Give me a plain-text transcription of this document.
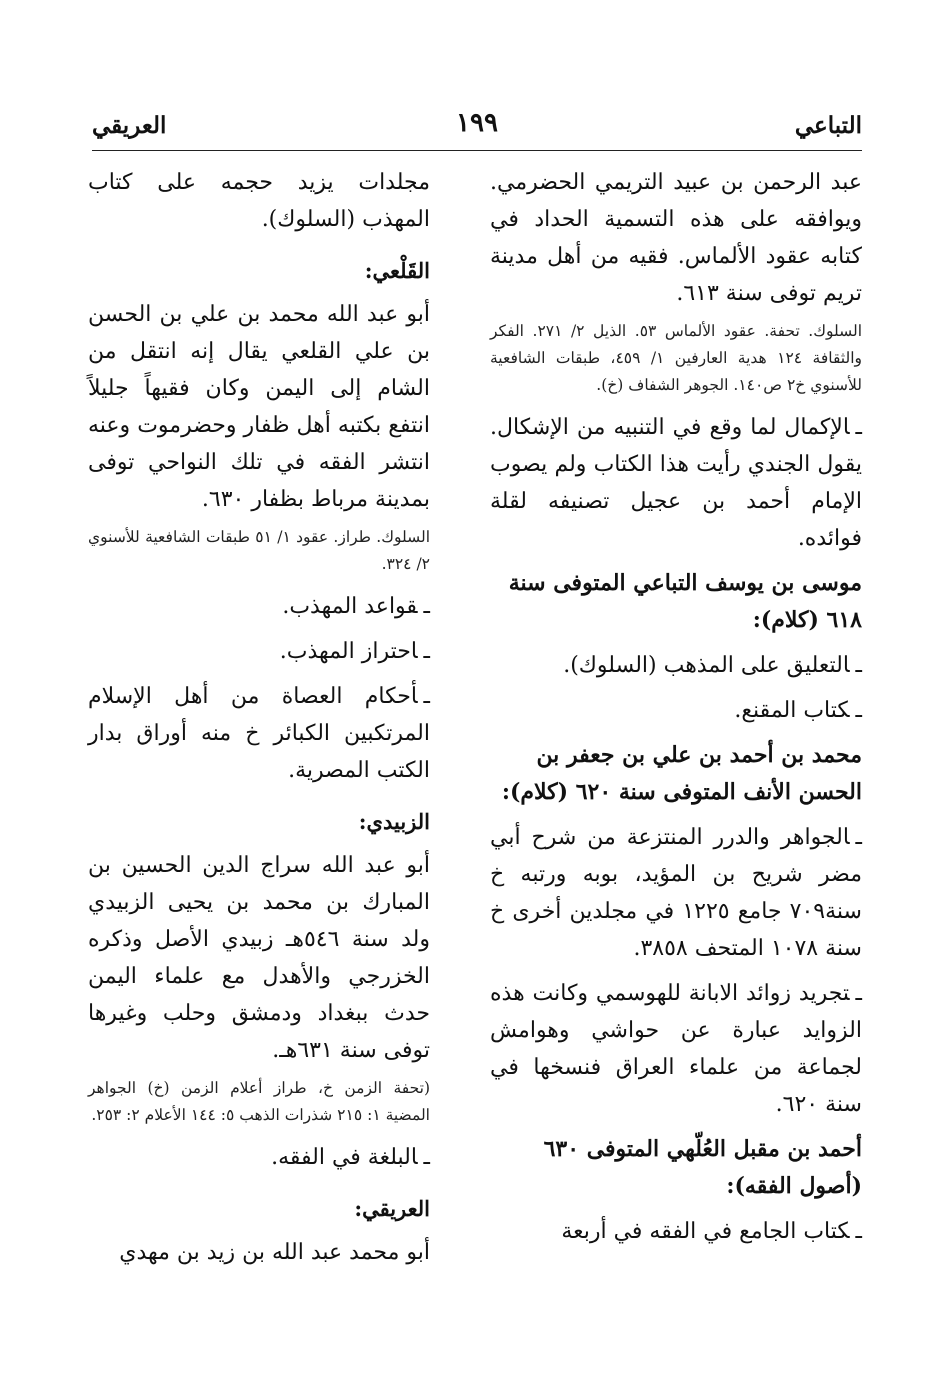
التباعي
١٩٩
العريقي

عبد الرحمن بن عبيد التريمي الحضرمي. ويوافقه على هذه التسمية الحداد في كتابه عقود الألماس. فقيه من أهل مدينة تريم توفى سنة ٦١٣.

السلوك. تحفة. عقود الألماس ٥٣. الذيل ٢/ ٢٧١. الفكر والثقافة ١٢٤ هدية العارفين ١/ ٤٥٩، طبقات الشافعية للأسنوي خ٢ ص١٤٠. الجوهر الشفاف (خ).

ـالإكمال لما وقع في التنبيه من الإشكال. يقول الجندي رأيت هذا الكتاب ولم يصوب الإمام أحمد بن عجيل تصنيفه لقلة فوائده.

موسى بن يوسف التباعي المتوفى سنة ٦١٨ (كلام):

ـالتعليق على المذهب (السلوك).

ـكتاب المقنع.

محمد بن أحمد بن علي بن جعفر بن الحسن الأنف المتوفى سنة ٦٢٠ (كلام):

ـالجواهر والدرر المنتزعة من شرح أبي مضر شريح بن المؤيد، بوبه ورتبه خ سنة٧٠٩ جامع ١٢٢٥ في مجلدين أخرى خ سنة ١٠٧٨ المتحف ٣٨٥٨.

ـتجريد زوائد الابانة للهوسمي وكانت هذه الزوايد عبارة عن حواشي وهوامش لجماعة من علماء العراق فنسخها في سنة ٦٢٠.

أحمد بن مقبل العُلّهي المتوفى ٦٣٠ (أصول الفقه):

ـكتاب الجامع في الفقه في أربعة

مجلدات يزيد حجمه على كتاب المهذب (السلوك).

القَلْعي:

أبو عبد الله محمد بن علي بن الحسن بن علي القلعي يقال إنه انتقل من الشام إلى اليمن وكان فقيهاً جليلاً انتفع بكتبه أهل ظفار وحضرموت وعنه انتشر الفقه في تلك النواحي توفى بمدينة مرباط بظفار ٦٣٠.

السلوك. طراز. عقود ١/ ٥١ طبقات الشافعية للأسنوي ٢/ ٣٢٤.

ـقواعد المهذب.

ـاحتراز المهذب.

ـأحكام العصاة من أهل الإسلام المرتكبين الكبائر خ منه أوراق بدار الكتب المصرية.

الزبيدي:

أبو عبد الله سراج الدين الحسين بن المبارك بن محمد بن يحيى الزبيدي ولد سنة ٥٤٦هـ زبيدي الأصل وذكره الخزرجي والأهدل مع علماء اليمن حدث ببغداد ودمشق وحلب وغيرها توفى سنة ٦٣١هـ.

(تحفة الزمن خ، طراز أعلام الزمن (خ) الجواهر المضية ١: ٢١٥ شذرات الذهب ٥: ١٤٤ الأعلام ٢: ٢٥٣.

ـالبلغة في الفقه.

العريقي:

أبو محمد عبد الله بن زيد بن مهدي
